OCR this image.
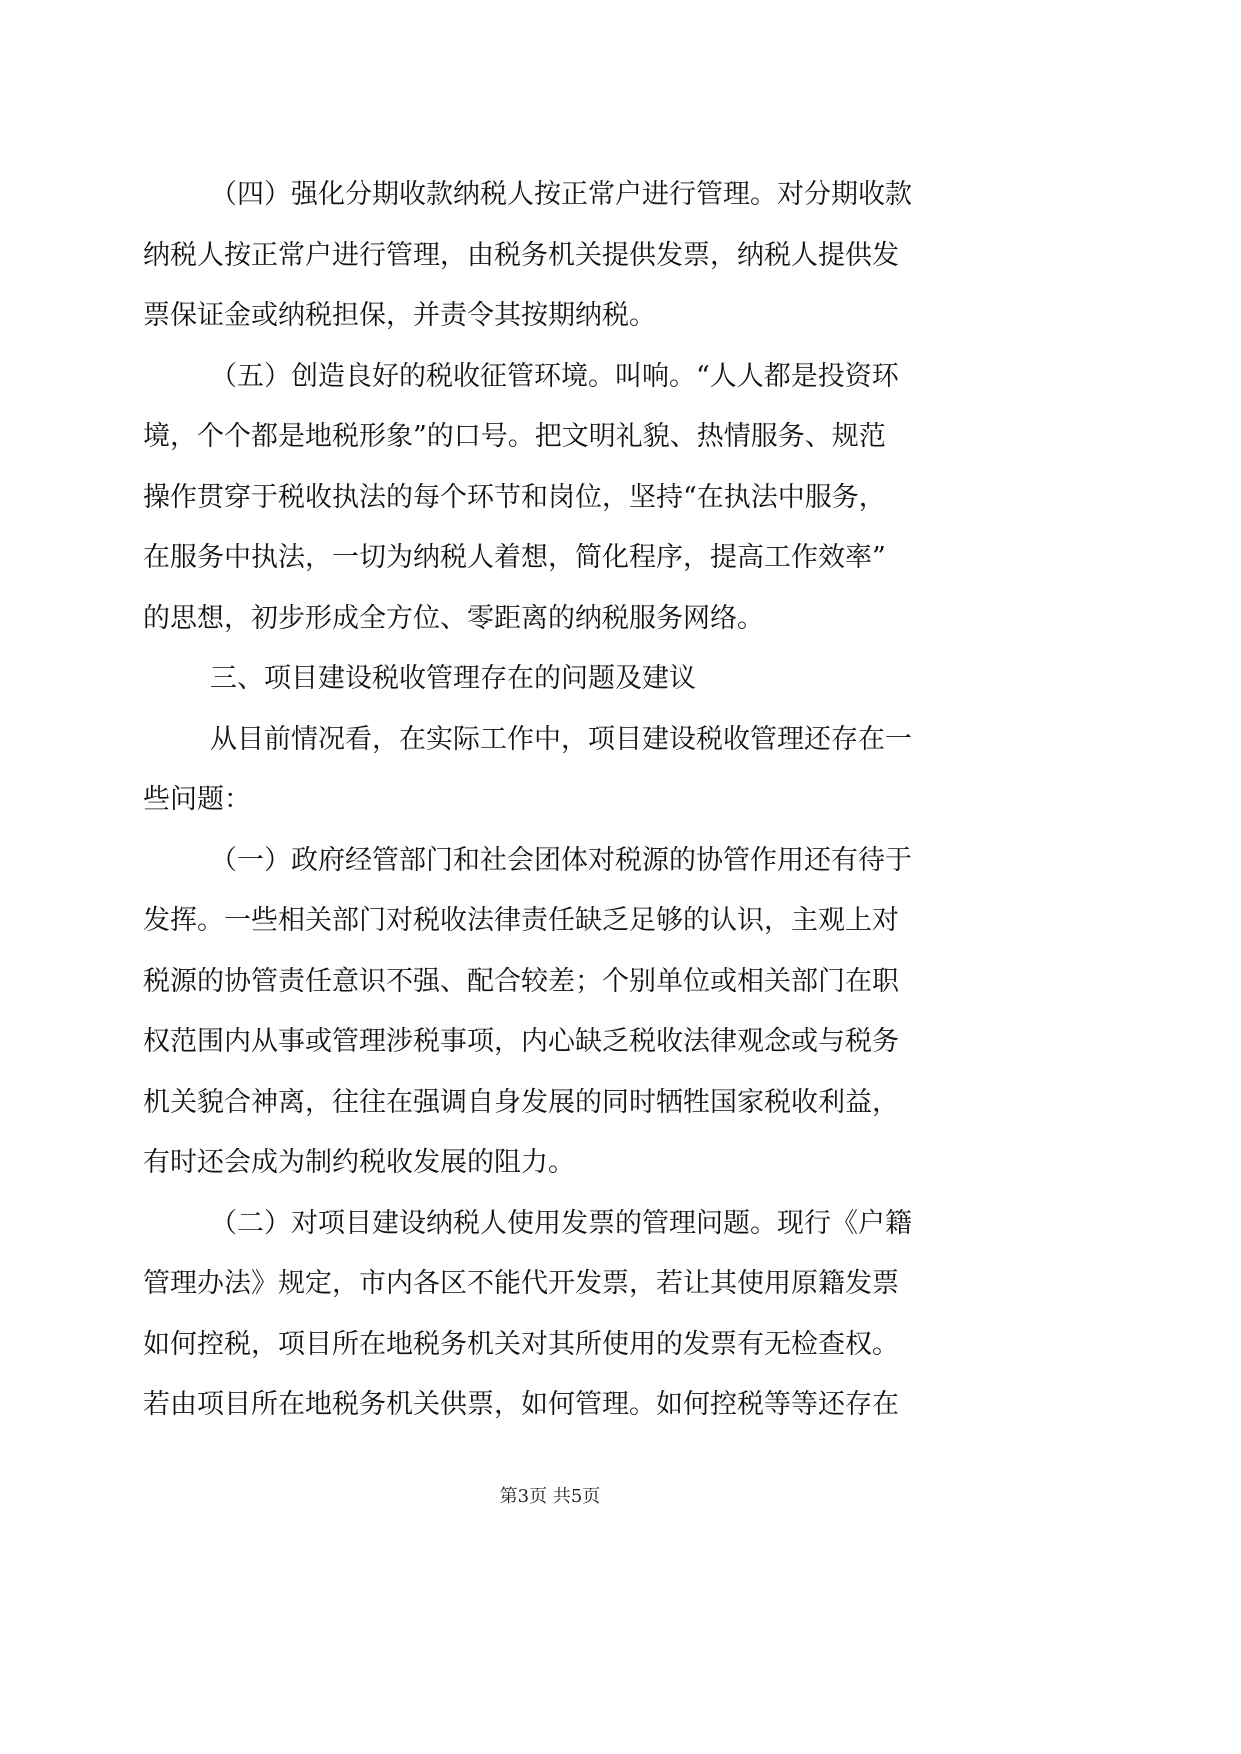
（四）强化分期收款纳税人按正常户进行管理。对分期收款
纳税人按正常户进行管理，由税务机关提供发票，纳税人提供发
票保证金或纳税担保，并责令其按期纳税。
（五）创造良好的税收征管环境。叫响。“人人都是投资环
境，个个都是地税形象”的口号。把文明礼貌、热情服务、规范
操作贯穿于税收执法的每个环节和岗位，坚持“在执法中服务，
在服务中执法，一切为纳税人着想，简化程序，提高工作效率”
的思想，初步形成全方位、零距离的纳税服务网络。
三、项目建设税收管理存在的问题及建议
从目前情况看，在实际工作中，项目建设税收管理还存在一
些问题：
（一）政府经管部门和社会团体对税源的协管作用还有待于
发挥。一些相关部门对税收法律责任缺乏足够的认识，主观上对
税源的协管责任意识不强、配合较差；个别单位或相关部门在职
权范围内从事或管理涉税事项，内心缺乏税收法律观念或与税务
机关貌合神离，往往在强调自身发展的同时牺牲国家税收利益，
有时还会成为制约税收发展的阻力。
（二）对项目建设纳税人使用发票的管理问题。现行《户籍
管理办法》规定，市内各区不能代开发票，若让其使用原籍发票
如何控税，项目所在地税务机关对其所使用的发票有无检查权。
若由项目所在地税务机关供票，如何管理。如何控税等等还存在
第3页 共5页
